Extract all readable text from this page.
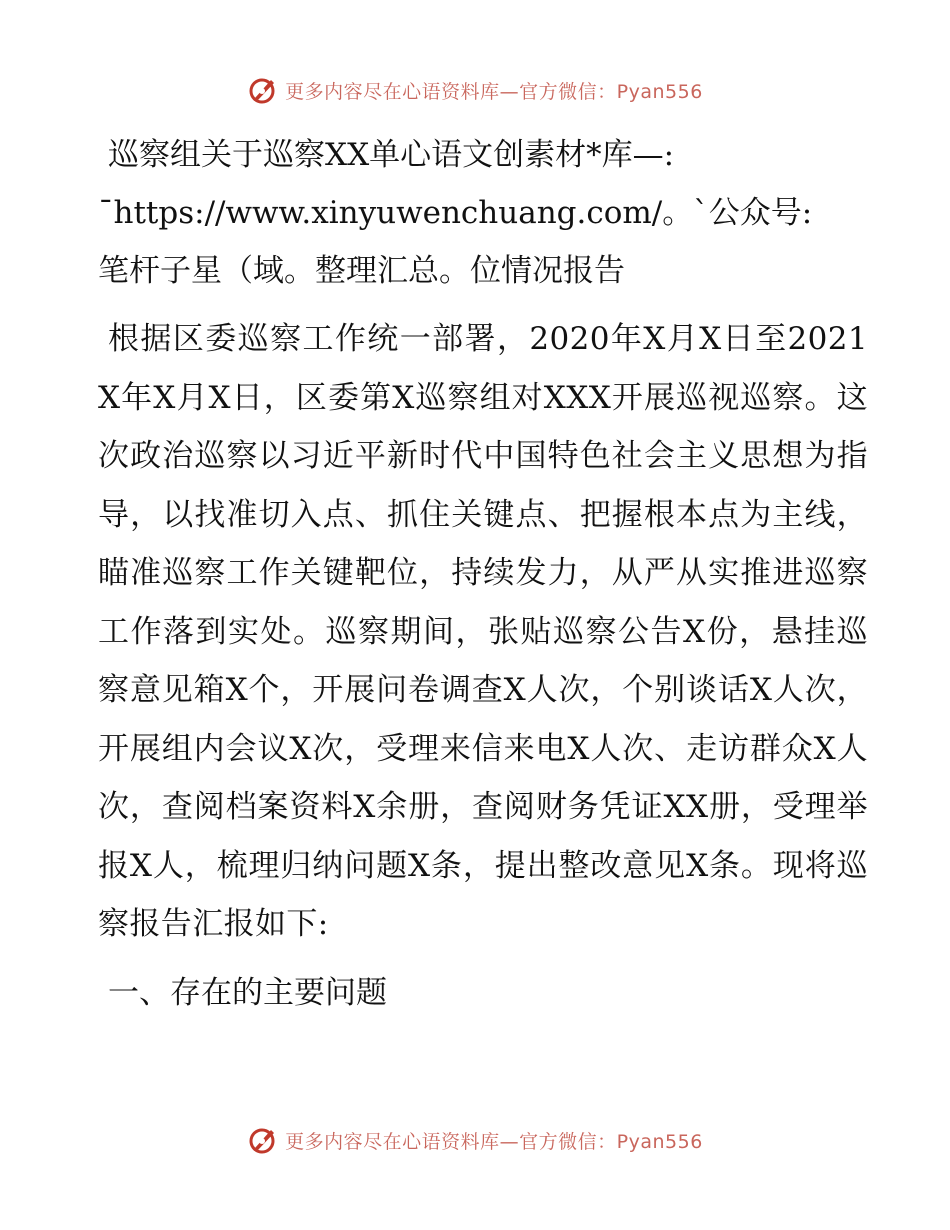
更多内容尽在心语资料库—官方微信：Pyan556
巡察组关于巡察XX单心语文创素材*库—:
¯https://www.xinyuwenchuang.com/。`公众号:
笔杆子星（域。整理汇总。位情况报告

根据区委巡察工作统一部署，2020年X月X日至2021X年X月X日，区委第X巡察组对XXX开展巡视巡察。这次政治巡察以习近平新时代中国特色社会主义思想为指导，以找准切入点、抓住关键点、把握根本点为主线，瞄准巡察工作关键靶位，持续发力，从严从实推进巡察工作落到实处。巡察期间，张贴巡察公告X份，悬挂巡察意见箱X个，开展问卷调查X人次，个别谈话X人次，开展组内会议X次，受理来信来电X人次、走访群众X人次，查阅档案资料X余册，查阅财务凭证XX册，受理举报X人，梳理归纳问题X条，提出整改意见X条。现将巡察报告汇报如下:

一、存在的主要问题

更多内容尽在心语资料库—官方微信：Pyan556
